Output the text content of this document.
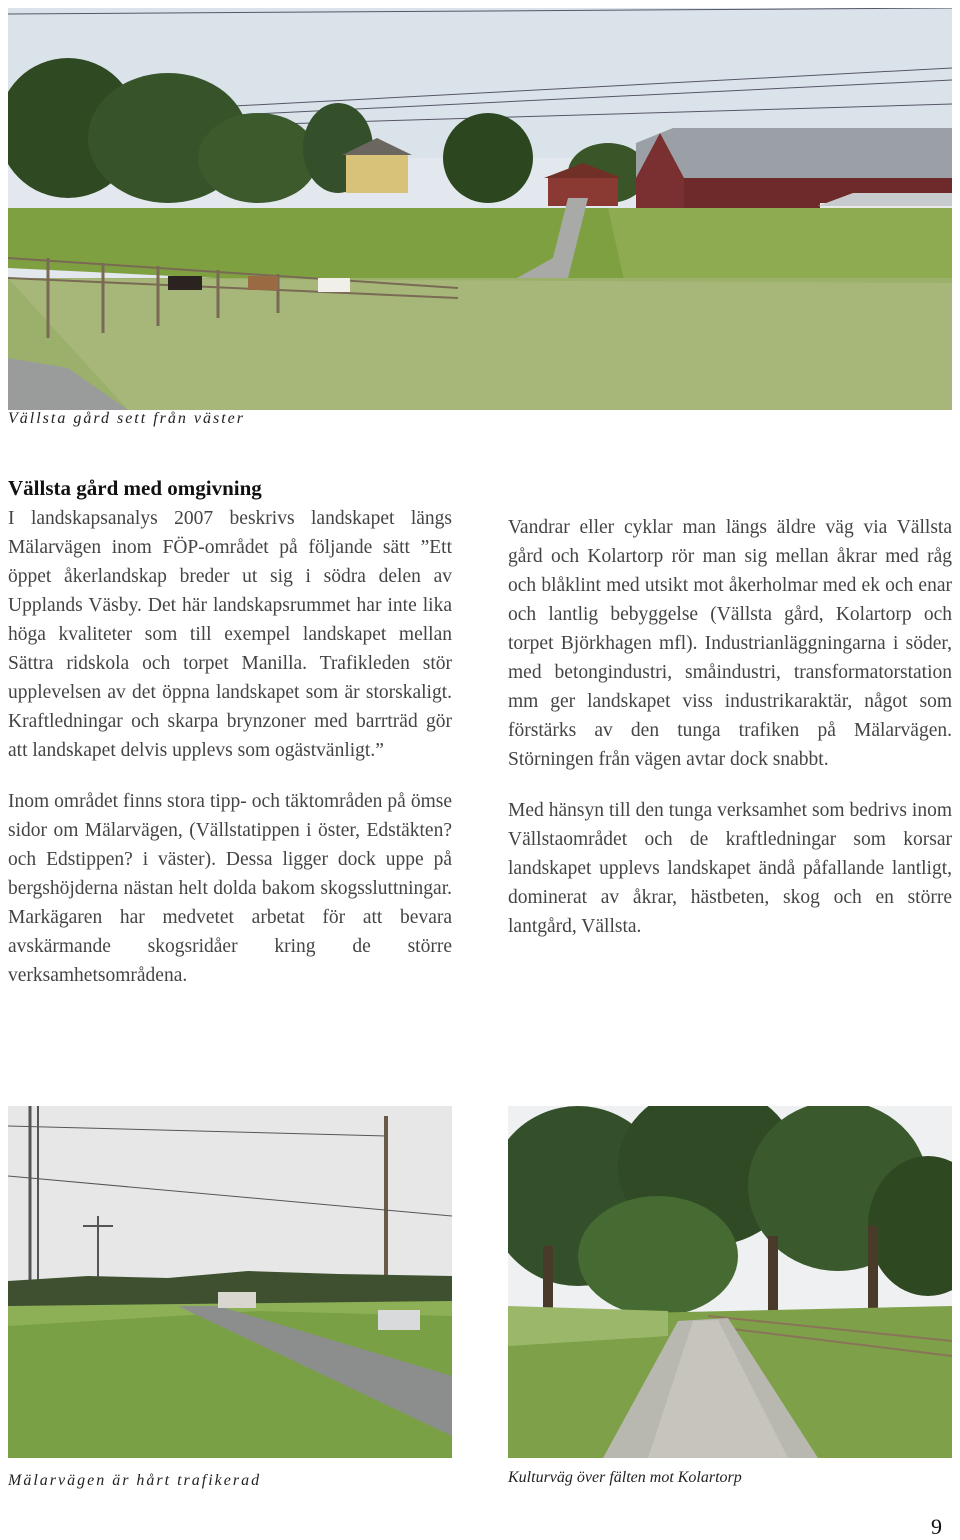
Vällsta gård sett från väster
Vällsta gård med omgivning

I landskapsanalys 2007 beskrivs landskapet längs Mälarvägen inom FÖP-området på följande sätt ”Ett öppet åkerlandskap breder ut sig i södra delen av Upplands Väsby. Det här landskapsrummet har inte lika höga kvaliteter som till exempel landskapet mellan Sättra ridskola och torpet Manilla. Trafikleden stör upplevelsen av det öppna landskapet som är storskaligt. Kraftledningar och skarpa brynzoner med barrträd gör att landskapet delvis upplevs som ogästvänligt.”

Inom området finns stora tipp- och täktområden på ömse sidor om Mälarvägen, (Vällstatippen i öster, Edstäkten? och Edstippen? i väster). Dessa ligger dock uppe på bergshöjderna nästan helt dolda bakom skogssluttningar. Markägaren har medvetet arbetat för att bevara avskärmande skogsridåer kring de större verksamhetsområdena.

Vandrar eller cyklar man längs äldre väg via Vällsta gård och Kolartorp rör man sig mellan åkrar med råg och blåklint med utsikt mot åkerholmar med ek och enar och lantlig bebyggelse (Vällsta gård, Kolartorp och torpet Björkhagen mfl). Industrianläggningarna i söder, med betongindustri, småindustri, transformatorstation mm ger landskapet viss industrikaraktär, något som förstärks av den tunga trafiken på Mälarvägen. Störningen från vägen avtar dock snabbt.

Med hänsyn till den tunga verksamhet som bedrivs inom Vällstaområdet och de kraftledningar som korsar landskapet upplevs landskapet ändå påfallande lantligt, dominerat av åkrar, hästbeten, skog och en större lantgård, Vällsta.

Mälarvägen är hårt trafikerad	Kulturväg över fälten mot Kolartorp
9
